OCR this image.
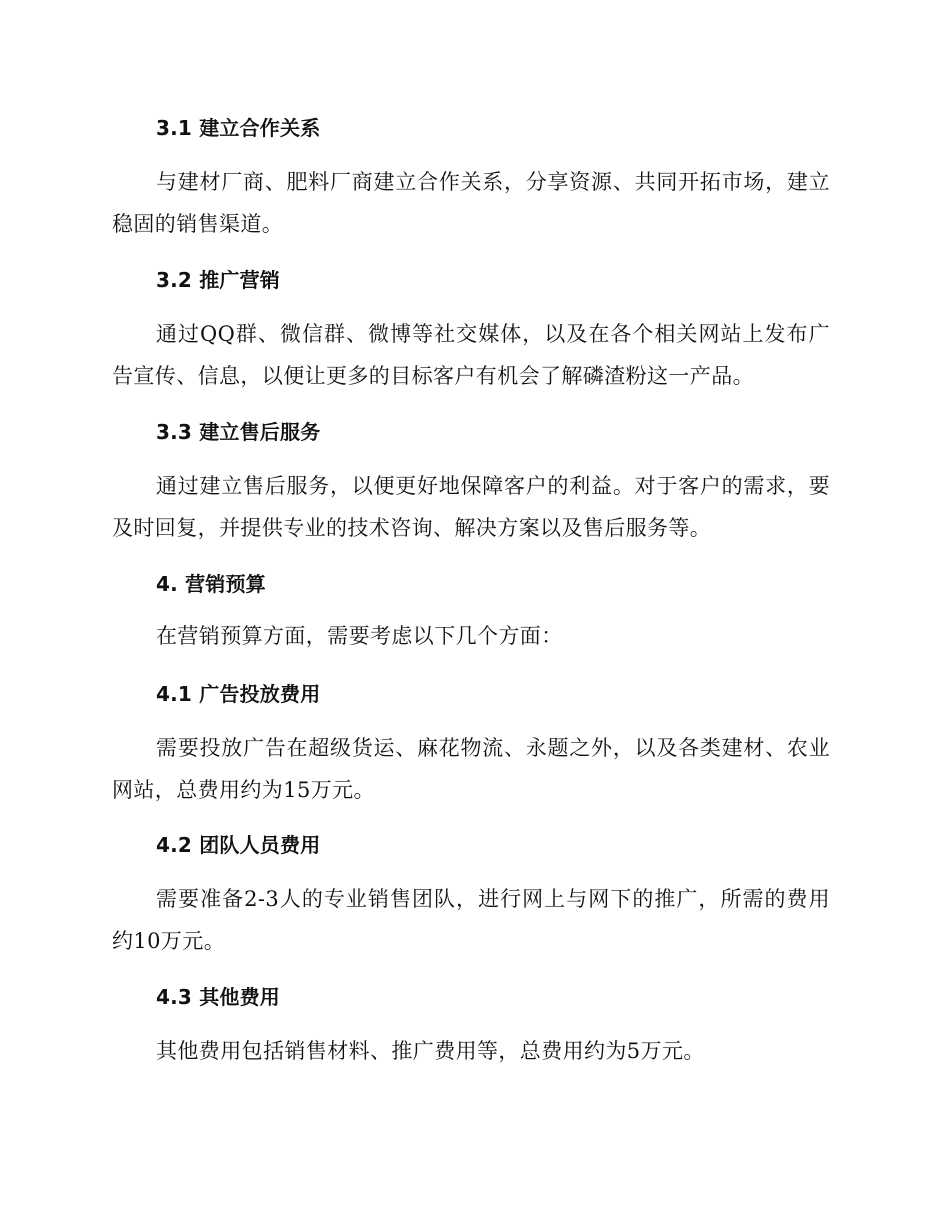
3.1 建立合作关系

与建材厂商、肥料厂商建立合作关系，分享资源、共同开拓市场，建立稳固的销售渠道。

3.2 推广营销

通过QQ群、微信群、微博等社交媒体，以及在各个相关网站上发布广告宣传、信息，以便让更多的目标客户有机会了解磷渣粉这一产品。

3.3 建立售后服务

通过建立售后服务，以便更好地保障客户的利益。对于客户的需求，要及时回复，并提供专业的技术咨询、解决方案以及售后服务等。

4. 营销预算

在营销预算方面，需要考虑以下几个方面：

4.1 广告投放费用

需要投放广告在超级货运、麻花物流、永题之外，以及各类建材、农业网站，总费用约为15万元。

4.2 团队人员费用

需要准备2-3人的专业销售团队，进行网上与网下的推广，所需的费用约10万元。

4.3 其他费用

其他费用包括销售材料、推广费用等，总费用约为5万元。
